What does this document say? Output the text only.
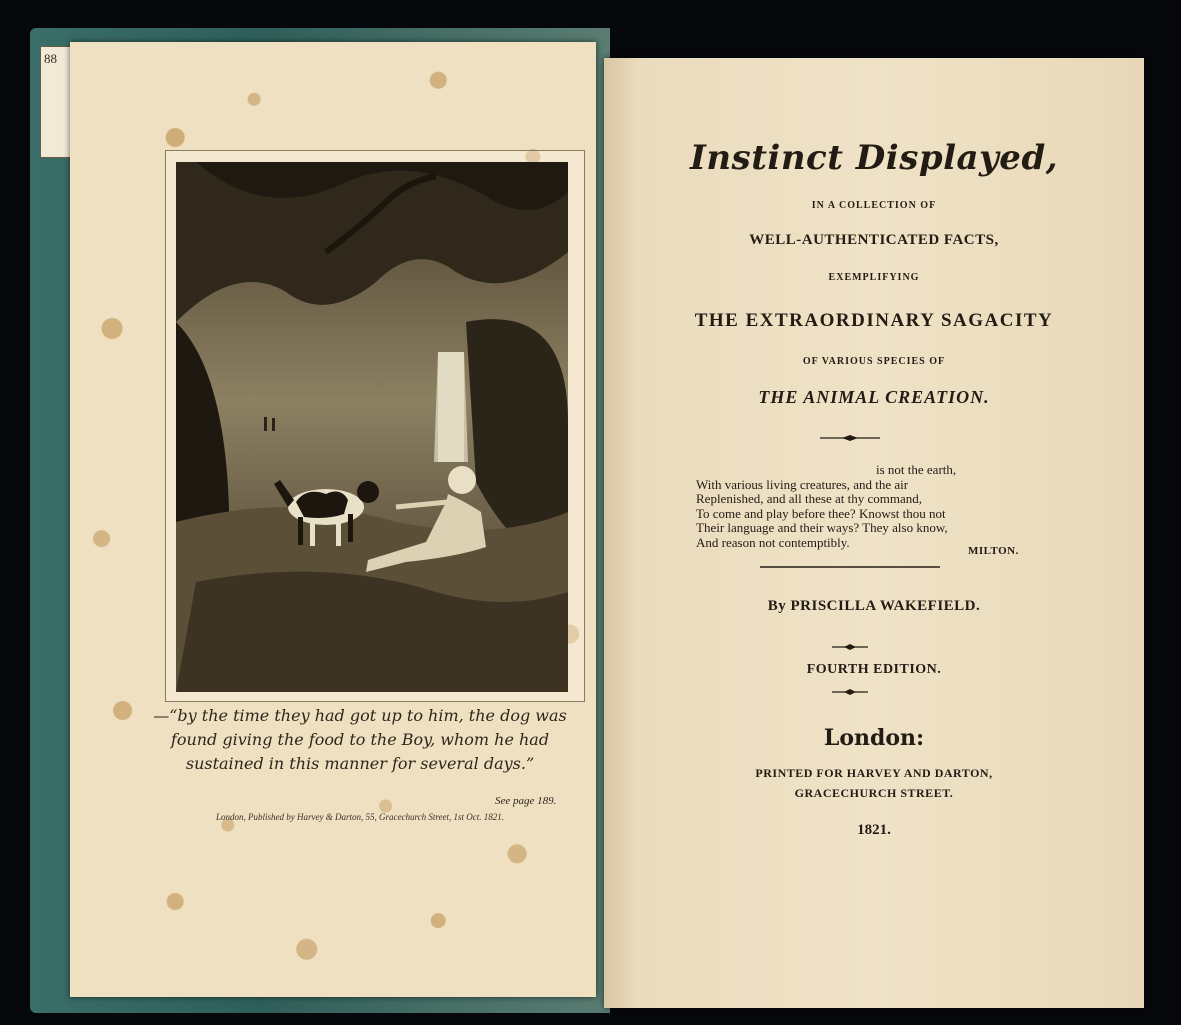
88
—“by the time they had got up to him, the dog was found giving the food to the Boy, whom he had sustained in this manner for several days.”
See page 189.
London, Published by Harvey & Darton, 55, Gracechurch Street, 1st Oct. 1821.
Instinct Displayed,
IN A COLLECTION OF
WELL-AUTHENTICATED FACTS,
EXEMPLIFYING
THE EXTRAORDINARY SAGACITY
OF VARIOUS SPECIES OF
THE ANIMAL CREATION.
is not the earth,
With various living creatures, and the air
Replenished, and all these at thy command,
To come and play before thee? Knowst thou not
Their language and their ways? They also know,
And reason not contemptibly.
MILTON.
By PRISCILLA WAKEFIELD.
FOURTH EDITION.
London:
PRINTED FOR HARVEY AND DARTON,
GRACECHURCH STREET.
1821.
